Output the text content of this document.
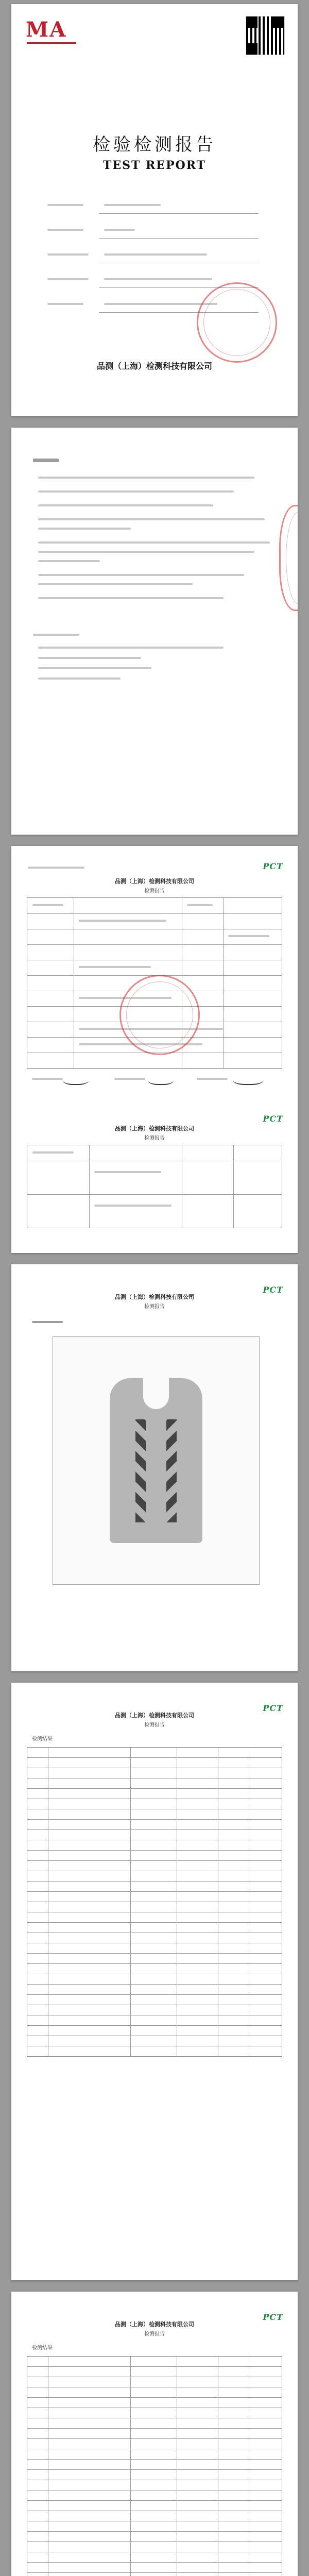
MA
检验检测报告
TEST REPORT
品测（上海）检测科技有限公司
PCT
品测（上海）检测科技有限公司
检测报告
PCT
品测（上海）检测科技有限公司
检测报告
PCT
品测（上海）检测科技有限公司
检测报告
PCT
品测（上海）检测科技有限公司
检测报告
检测结果
PCT
品测（上海）检测科技有限公司
检测报告
检测结果
